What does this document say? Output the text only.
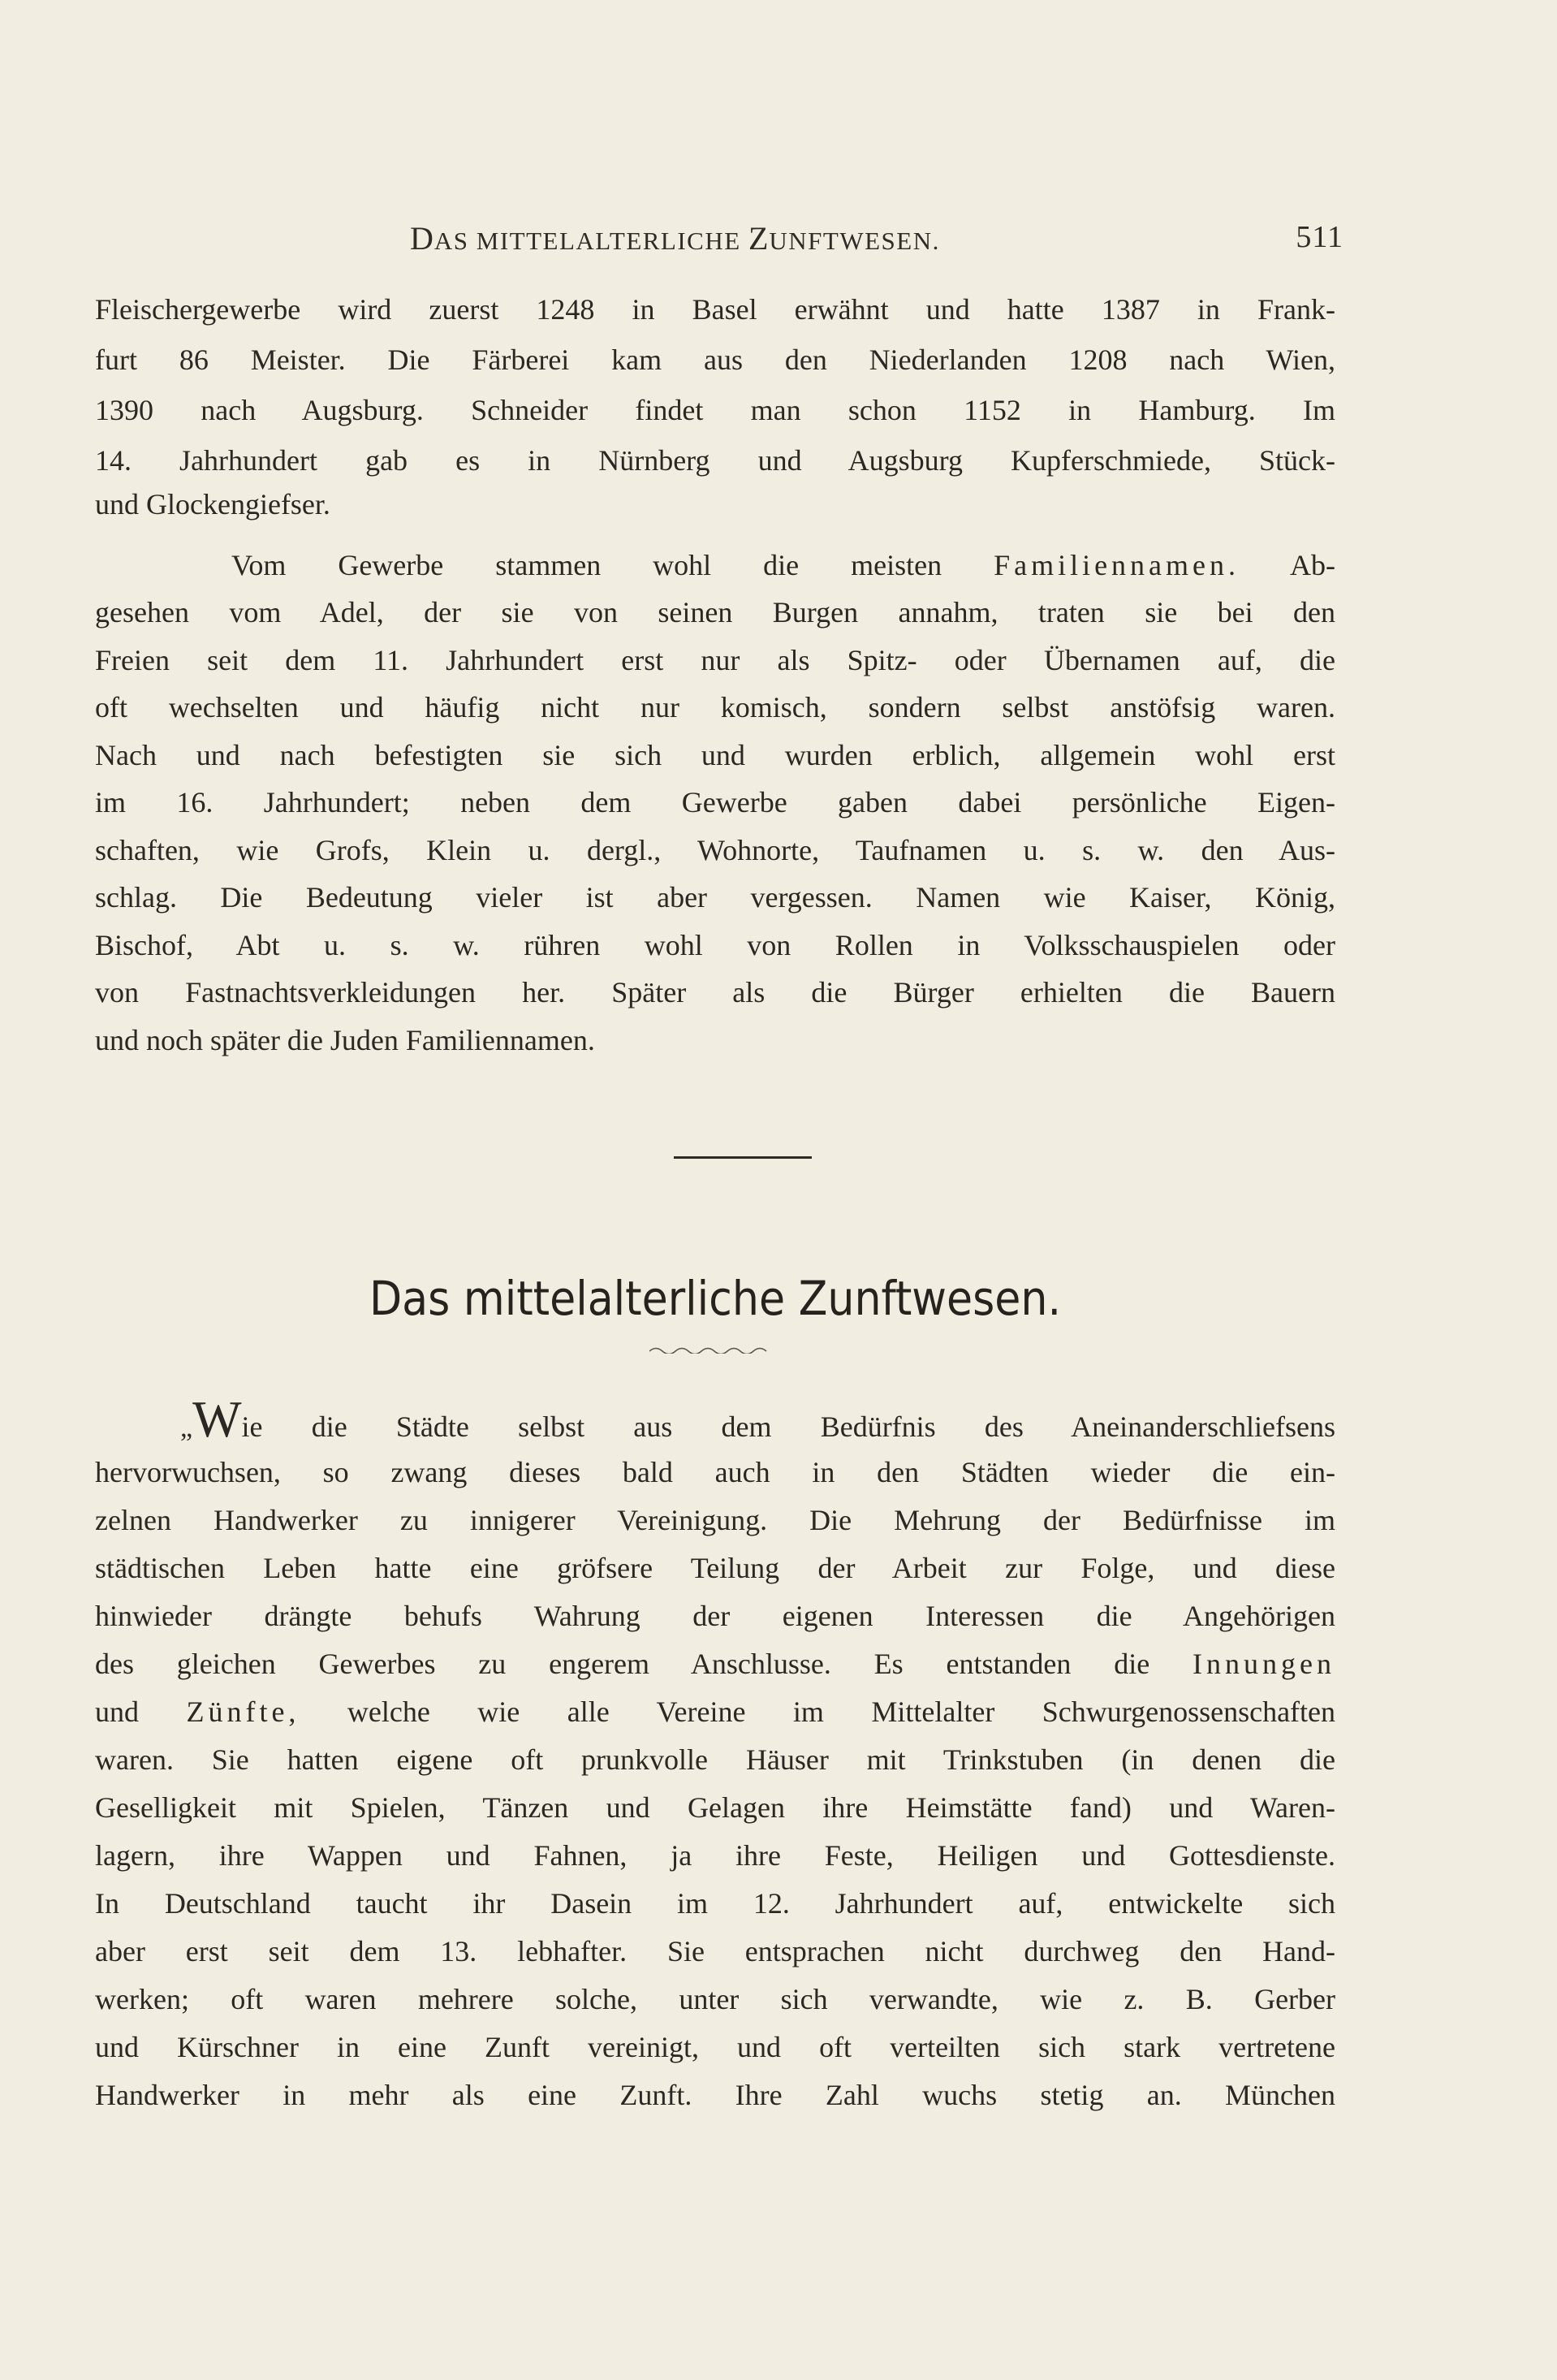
DAS MITTELALTERLICHE ZUNFTWESEN.	511
Fleischergewerbe wird zuerst 1248 in Basel erwähnt und hatte 1387 in Frank-
furt 86 Meister. Die Färberei kam aus den Niederlanden 1208 nach Wien,
1390 nach Augsburg. Schneider findet man schon 1152 in Hamburg. Im
14. Jahrhundert gab es in Nürnberg und Augsburg Kupferschmiede, Stück-
und Glockengiefser.
Vom Gewerbe stammen wohl die meisten Familiennamen. Ab-
gesehen vom Adel, der sie von seinen Burgen annahm, traten sie bei den
Freien seit dem 11. Jahrhundert erst nur als Spitz- oder Übernamen auf, die
oft wechselten und häufig nicht nur komisch, sondern selbst anstöfsig waren.
Nach und nach befestigten sie sich und wurden erblich, allgemein wohl erst
im 16. Jahrhundert; neben dem Gewerbe gaben dabei persönliche Eigen-
schaften, wie Grofs, Klein u. dergl., Wohnorte, Taufnamen u. s. w. den Aus-
schlag. Die Bedeutung vieler ist aber vergessen. Namen wie Kaiser, König,
Bischof, Abt u. s. w. rühren wohl von Rollen in Volksschauspielen oder
von Fastnachtsverkleidungen her. Später als die Bürger erhielten die Bauern
und noch später die Juden Familiennamen.
Das mittelalterliche Zunftwesen.
„Wie die Städte selbst aus dem Bedürfnis des Aneinanderschliefsens
hervorwuchsen, so zwang dieses bald auch in den Städten wieder die ein-
zelnen Handwerker zu innigerer Vereinigung. Die Mehrung der Bedürfnisse im
städtischen Leben hatte eine gröfsere Teilung der Arbeit zur Folge, und diese
hinwieder drängte behufs Wahrung der eigenen Interessen die Angehörigen
des gleichen Gewerbes zu engerem Anschlusse. Es entstanden die Innungen
und Zünfte, welche wie alle Vereine im Mittelalter Schwurgenossenschaften
waren. Sie hatten eigene oft prunkvolle Häuser mit Trinkstuben (in denen die
Geselligkeit mit Spielen, Tänzen und Gelagen ihre Heimstätte fand) und Waren-
lagern, ihre Wappen und Fahnen, ja ihre Feste, Heiligen und Gottesdienste.
In Deutschland taucht ihr Dasein im 12. Jahrhundert auf, entwickelte sich
aber erst seit dem 13. lebhafter. Sie entsprachen nicht durchweg den Hand-
werken; oft waren mehrere solche, unter sich verwandte, wie z. B. Gerber
und Kürschner in eine Zunft vereinigt, und oft verteilten sich stark vertretene
Handwerker in mehr als eine Zunft. Ihre Zahl wuchs stetig an. München
